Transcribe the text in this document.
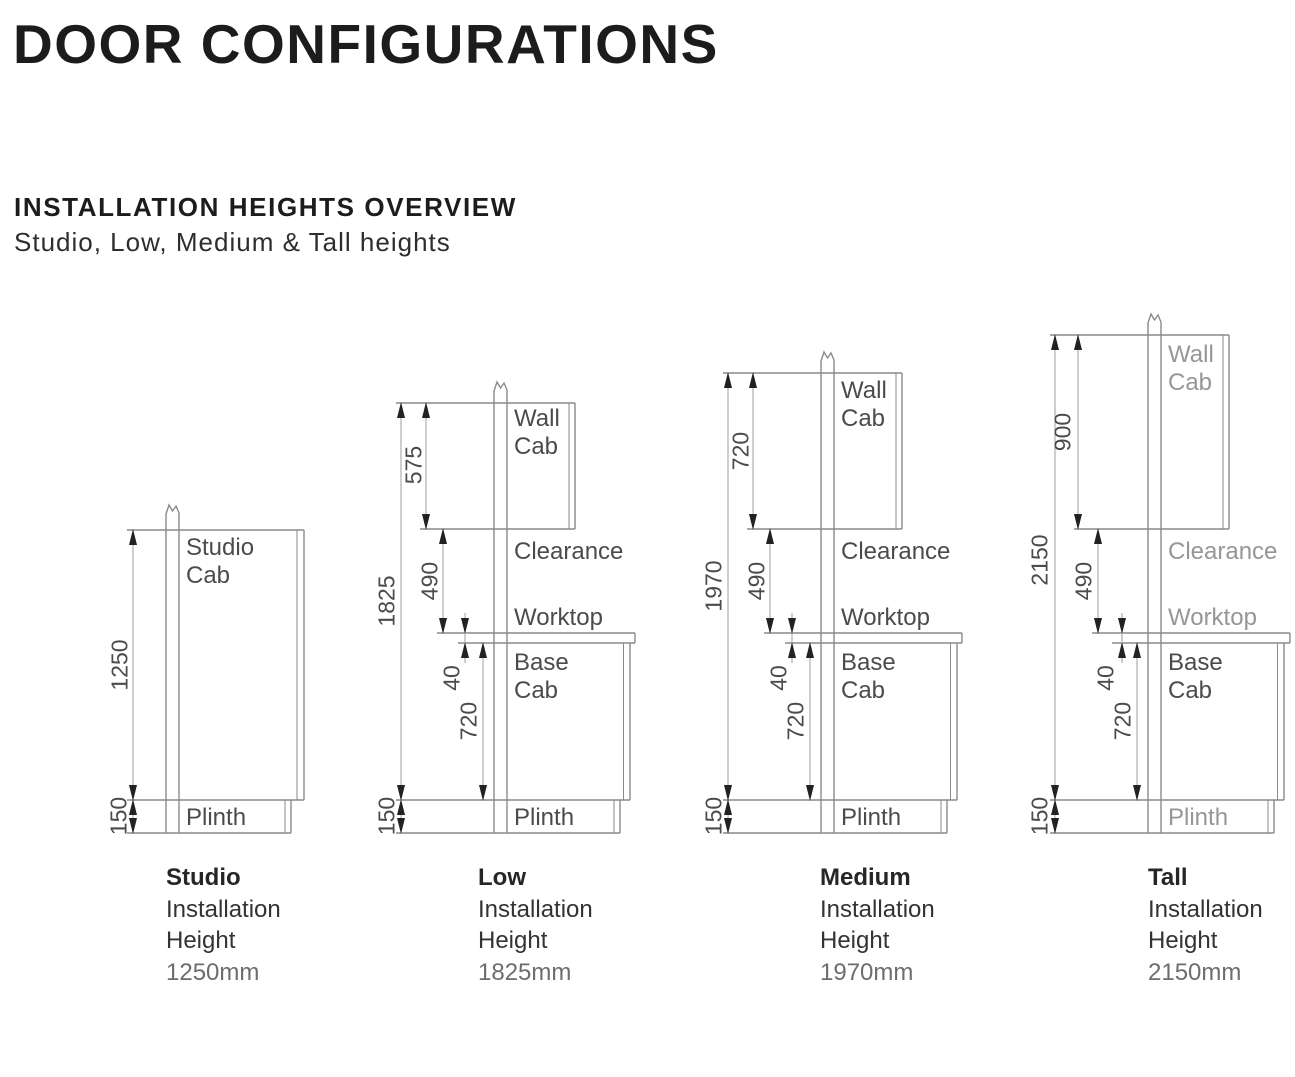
DOOR CONFIGURATIONS
INSTALLATION HEIGHTS OVERVIEW
Studio, Low, Medium & Tall heights
Studio Cab
Plinth
1250
150
Studio
Installation
Height
1250mm
Wall Cab
Clearance
Worktop
Base Cab
Plinth
1825
575
490
40
720
150
Low
Installation
Height
1825mm
Wall Cab
Clearance
Worktop
Base Cab
Plinth
1970
720
490
40
720
150
Medium
Installation
Height
1970mm
Wall Cab
Clearance
Worktop
Base Cab
Plinth
2150
900
490
40
720
150
Tall
Installation
Height
2150mm
